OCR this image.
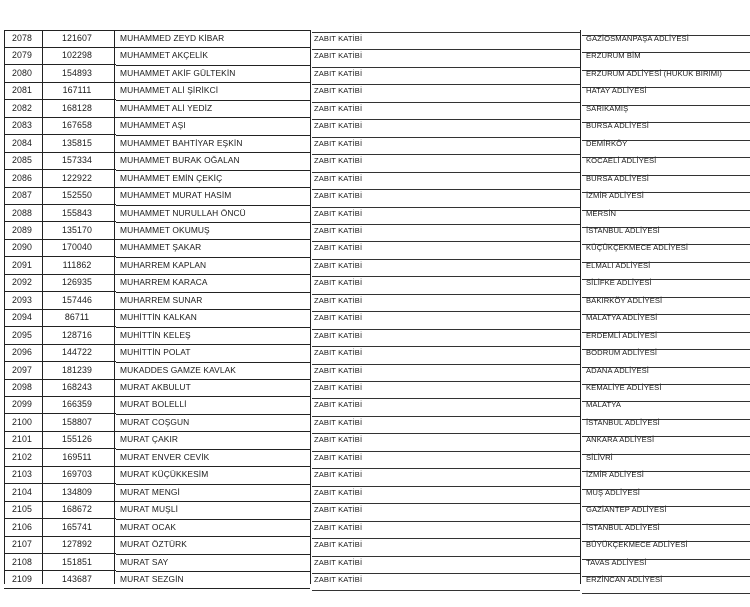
2078	121607	MUHAMMED ZEYD KİBAR	ZABIT KATİBİ	GAZİOSMANPAŞA ADLİYESİ
2079	102298	MUHAMMET AKÇELİK	ZABIT KATİBİ	ERZURUM BİM
2080	154893	MUHAMMET AKİF GÜLTEKİN	ZABIT KATİBİ	ERZURUM ADLİYESİ (HUKUK BIRIMI)
2081	167111	MUHAMMET ALİ ŞİRİKCİ	ZABIT KATİBİ	HATAY ADLİYESİ
2082	168128	MUHAMMET ALİ YEDİZ	ZABIT KATİBİ	SARIKAMIŞ
2083	167658	MUHAMMET AŞI	ZABIT KATİBİ	BURSA ADLİYESİ
2084	135815	MUHAMMET BAHTİYAR EŞKİN	ZABIT KATİBİ	DEMİRKÖY
2085	157334	MUHAMMET BURAK OĞALAN	ZABIT KATİBİ	KOCAELİ ADLİYESİ
2086	122922	MUHAMMET EMİN ÇEKİÇ	ZABIT KATİBİ	BURSA ADLİYESİ
2087	152550	MUHAMMET MURAT HASİM	ZABIT KATİBİ	İZMİR ADLİYESİ
2088	155843	MUHAMMET NURULLAH ÖNCÜ	ZABIT KATİBİ	MERSİN
2089	135170	MUHAMMET OKUMUŞ	ZABIT KATİBİ	İSTANBUL ADLİYESİ
2090	170040	MUHAMMET ŞAKAR	ZABIT KATİBİ	KÜÇÜKÇEKMECE ADLİYESİ
2091	111862	MUHARREM KAPLAN	ZABIT KATİBİ	ELMALI ADLİYESİ
2092	126935	MUHARREM KARACA	ZABIT KATİBİ	SİLİFKE ADLİYESİ
2093	157446	MUHARREM SUNAR	ZABIT KATİBİ	BAKIRKÖY ADLİYESİ
2094	86711	MUHİTTİN KALKAN	ZABIT KATİBİ	MALATYA ADLİYESİ
2095	128716	MUHİTTİN KELEŞ	ZABIT KATİBİ	ERDEMLİ ADLİYESİ
2096	144722	MUHİTTİN POLAT	ZABIT KATİBİ	BODRUM ADLİYESİ
2097	181239	MUKADDES GAMZE KAVLAK	ZABIT KATİBİ	ADANA ADLİYESİ
2098	168243	MURAT AKBULUT	ZABIT KATİBİ	KEMALİYE ADLİYESİ
2099	166359	MURAT BOLELLİ	ZABIT KATİBİ	MALATYA
2100	158807	MURAT COŞGUN	ZABIT KATİBİ	İSTANBUL ADLİYESİ
2101	155126	MURAT ÇAKIR	ZABIT KATİBİ	ANKARA ADLİYESİ
2102	169511	MURAT ENVER CEVİK	ZABIT KATİBİ	SİLİVRİ
2103	169703	MURAT KÜÇÜKKESİM	ZABIT KATİBİ	İZMİR ADLİYESİ
2104	134809	MURAT MENGİ	ZABIT KATİBİ	MUŞ ADLİYESİ
2105	168672	MURAT MUŞLİ	ZABIT KATİBİ	GAZİANTEP ADLİYESİ
2106	165741	MURAT OCAK	ZABIT KATİBİ	İSTANBUL ADLİYESİ
2107	127892	MURAT ÖZTÜRK	ZABIT KATİBİ	BÜYÜKÇEKMECE ADLİYESİ
2108	151851	MURAT SAY	ZABIT KATİBİ	TAVAS ADLİYESİ
2109	143687	MURAT SEZGİN	ZABIT KATİBİ	ERZİNCAN ADLİYESİ
